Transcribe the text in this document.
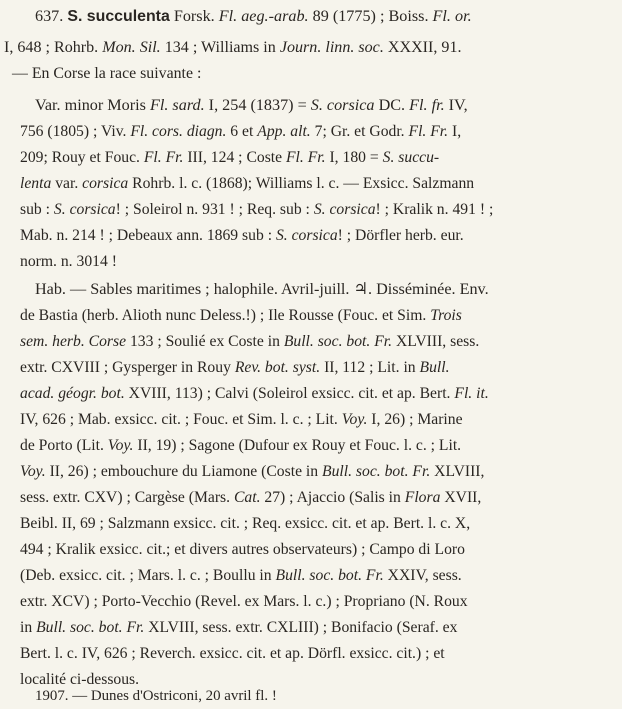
637. S. succulenta Forsk. Fl. aeg.-arab. 89 (1775) ; Boiss. Fl. or.

I, 648 ; Rohrb. Mon. Sil. 134 ; Williams in Journ. linn. soc. XXXII, 91.

— En Corse la race suivante :

Var. minor Moris Fl. sard. I, 254 (1837) = S. corsica DC. Fl. fr. IV,

756 (1805) ; Viv. Fl. cors. diagn. 6 et App. alt. 7; Gr. et Godr. Fl. Fr. I,

209; Rouy et Fouc. Fl. Fr. III, 124 ; Coste Fl. Fr. I, 180 = S. succu-

lenta var. corsica Rohrb. l. c. (1868); Williams l. c. — Exsicc. Salzmann

sub : S. corsica! ; Soleirol n. 931 ! ; Req. sub : S. corsica! ; Kralik n. 491 ! ;

Mab. n. 214 ! ; Debeaux ann. 1869 sub : S. corsica! ; Dörfler herb. eur.

norm. n. 3014 !

Hab. — Sables maritimes ; halophile. Avril-juill. ♃. Disséminée. Env.

de Bastia (herb. Alioth nunc Deless.!) ; Ile Rousse (Fouc. et Sim. Trois

sem. herb. Corse 133 ; Soulié ex Coste in Bull. soc. bot. Fr. XLVIII, sess.

extr. CXVIII ; Gysperger in Rouy Rev. bot. syst. II, 112 ; Lit. in Bull.

acad. géogr. bot. XVIII, 113) ; Calvi (Soleirol exsicc. cit. et ap. Bert. Fl. it.

IV, 626 ; Mab. exsicc. cit. ; Fouc. et Sim. l. c. ; Lit. Voy. I, 26) ; Marine

de Porto (Lit. Voy. II, 19) ; Sagone (Dufour ex Rouy et Fouc. l. c. ; Lit.

Voy. II, 26) ; embouchure du Liamone (Coste in Bull. soc. bot. Fr. XLVIII,

sess. extr. CXV) ; Cargèse (Mars. Cat. 27) ; Ajaccio (Salis in Flora XVII,

Beibl. II, 69 ; Salzmann exsicc. cit. ; Req. exsicc. cit. et ap. Bert. l. c. X,

494 ; Kralik exsicc. cit.; et divers autres observateurs) ; Campo di Loro

(Deb. exsicc. cit. ; Mars. l. c. ; Boullu in Bull. soc. bot. Fr. XXIV, sess.

extr. XCV) ; Porto-Vecchio (Revel. ex Mars. l. c.) ; Propriano (N. Roux

in Bull. soc. bot. Fr. XLVIII, sess. extr. CXLIII) ; Bonifacio (Seraf. ex

Bert. l. c. IV, 626 ; Reverch. exsicc. cit. et ap. Dörfl. exsicc. cit.) ; et

localité ci-dessous.

1907. — Dunes d'Ostriconi, 20 avril fl. !
